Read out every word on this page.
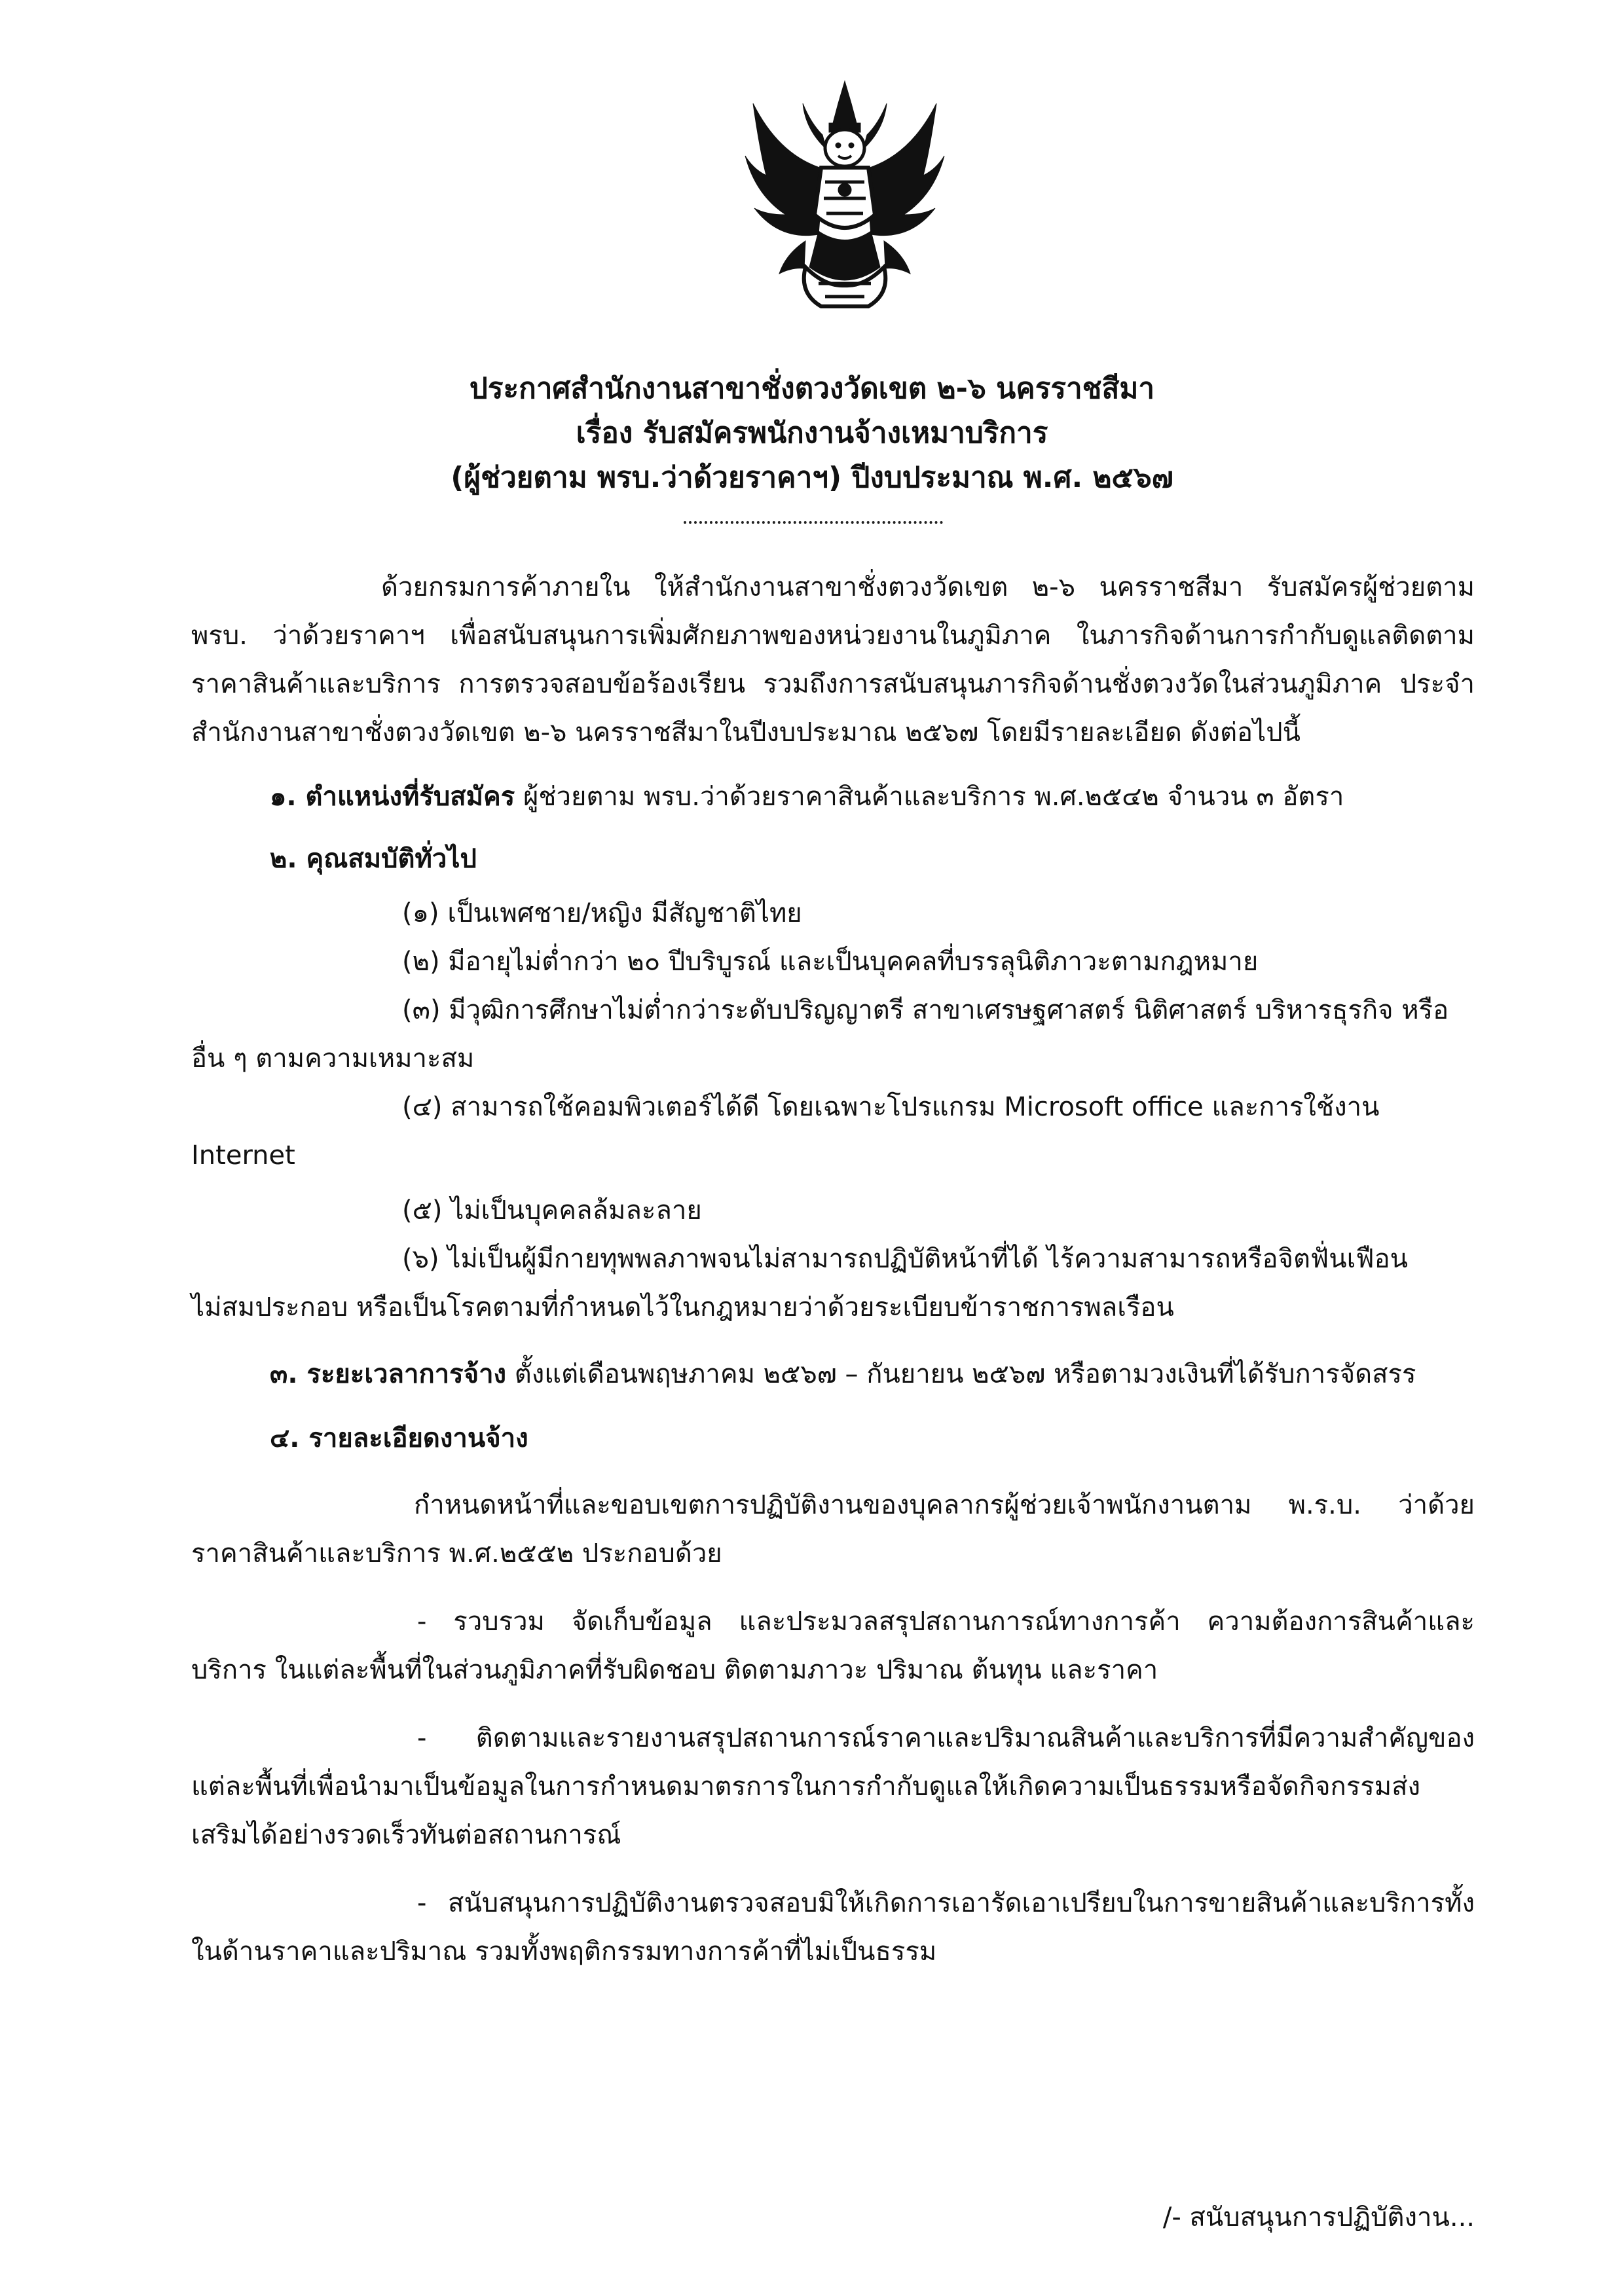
ประกาศสำนักงานสาขาชั่งตวงวัดเขต ๒-๖ นครราชสีมา
เรื่อง รับสมัครพนักงานจ้างเหมาบริการ
(ผู้ช่วยตาม พรบ.ว่าด้วยราคาฯ) ปีงบประมาณ พ.ศ. ๒๕๖๗

ด้วยกรมการค้าภายใน ให้สำนักงานสาขาชั่งตวงวัดเขต ๒-๖ นครราชสีมา รับสมัครผู้ช่วยตาม พรบ. ว่าด้วยราคาฯ เพื่อสนับสนุนการเพิ่มศักยภาพของหน่วยงานในภูมิภาค ในภารกิจด้านการกำกับดูแลติดตามราคาสินค้าและบริการ การตรวจสอบข้อร้องเรียน รวมถึงการสนับสนุนภารกิจด้านชั่งตวงวัดในส่วนภูมิภาค ประจำสำนักงานสาขาชั่งตวงวัดเขต ๒-๖ นครราชสีมาในปีงบประมาณ ๒๕๖๗ โดยมีรายละเอียด ดังต่อไปนี้

๑. ตำแหน่งที่รับสมัคร ผู้ช่วยตาม พรบ.ว่าด้วยราคาสินค้าและบริการ พ.ศ.๒๕๔๒ จำนวน ๓ อัตรา
๒. คุณสมบัติทั่วไป
(๑) เป็นเพศชาย/หญิง มีสัญชาติไทย
(๒) มีอายุไม่ต่ำกว่า ๒๐ ปีบริบูรณ์ และเป็นบุคคลที่บรรลุนิติภาวะตามกฎหมาย
(๓) มีวุฒิการศึกษาไม่ต่ำกว่าระดับปริญญาตรี สาขาเศรษฐศาสตร์ นิติศาสตร์ บริหารธุรกิจ หรือ
อื่น ๆ ตามความเหมาะสม
(๔) สามารถใช้คอมพิวเตอร์ได้ดี โดยเฉพาะโปรแกรม Microsoft office และการใช้งาน
Internet
(๕) ไม่เป็นบุคคลล้มละลาย
(๖) ไม่เป็นผู้มีกายทุพพลภาพจนไม่สามารถปฏิบัติหน้าที่ได้ ไร้ความสามารถหรือจิตฟั่นเฟือน
ไม่สมประกอบ หรือเป็นโรคตามที่กำหนดไว้ในกฎหมายว่าด้วยระเบียบข้าราชการพลเรือน
๓. ระยะเวลาการจ้าง ตั้งแต่เดือนพฤษภาคม ๒๕๖๗ – กันยายน ๒๕๖๗ หรือตามวงเงินที่ได้รับการจัดสรร
๔. รายละเอียดงานจ้าง

กำหนดหน้าที่และขอบเขตการปฏิบัติงานของบุคลากรผู้ช่วยเจ้าพนักงานตาม พ.ร.บ. ว่าด้วยราคาสินค้าและบริการ พ.ศ.๒๕๕๒ ประกอบด้วย

- รวบรวม จัดเก็บข้อมูล และประมวลสรุปสถานการณ์ทางการค้า ความต้องการสินค้าและบริการ ในแต่ละพื้นที่ในส่วนภูมิภาคที่รับผิดชอบ ติดตามภาวะ ปริมาณ ต้นทุน และราคา

- ติดตามและรายงานสรุปสถานการณ์ราคาและปริมาณสินค้าและบริการที่มีความสำคัญของแต่ละพื้นที่เพื่อนำมาเป็นข้อมูลในการกำหนดมาตรการในการกำกับดูแลให้เกิดความเป็นธรรมหรือจัดกิจกรรมส่งเสริมได้อย่างรวดเร็วทันต่อสถานการณ์

- สนับสนุนการปฏิบัติงานตรวจสอบมิให้เกิดการเอารัดเอาเปรียบในการขายสินค้าและบริการทั้งในด้านราคาและปริมาณ รวมทั้งพฤติกรรมทางการค้าที่ไม่เป็นธรรม

/- สนับสนุนการปฏิบัติงาน...
